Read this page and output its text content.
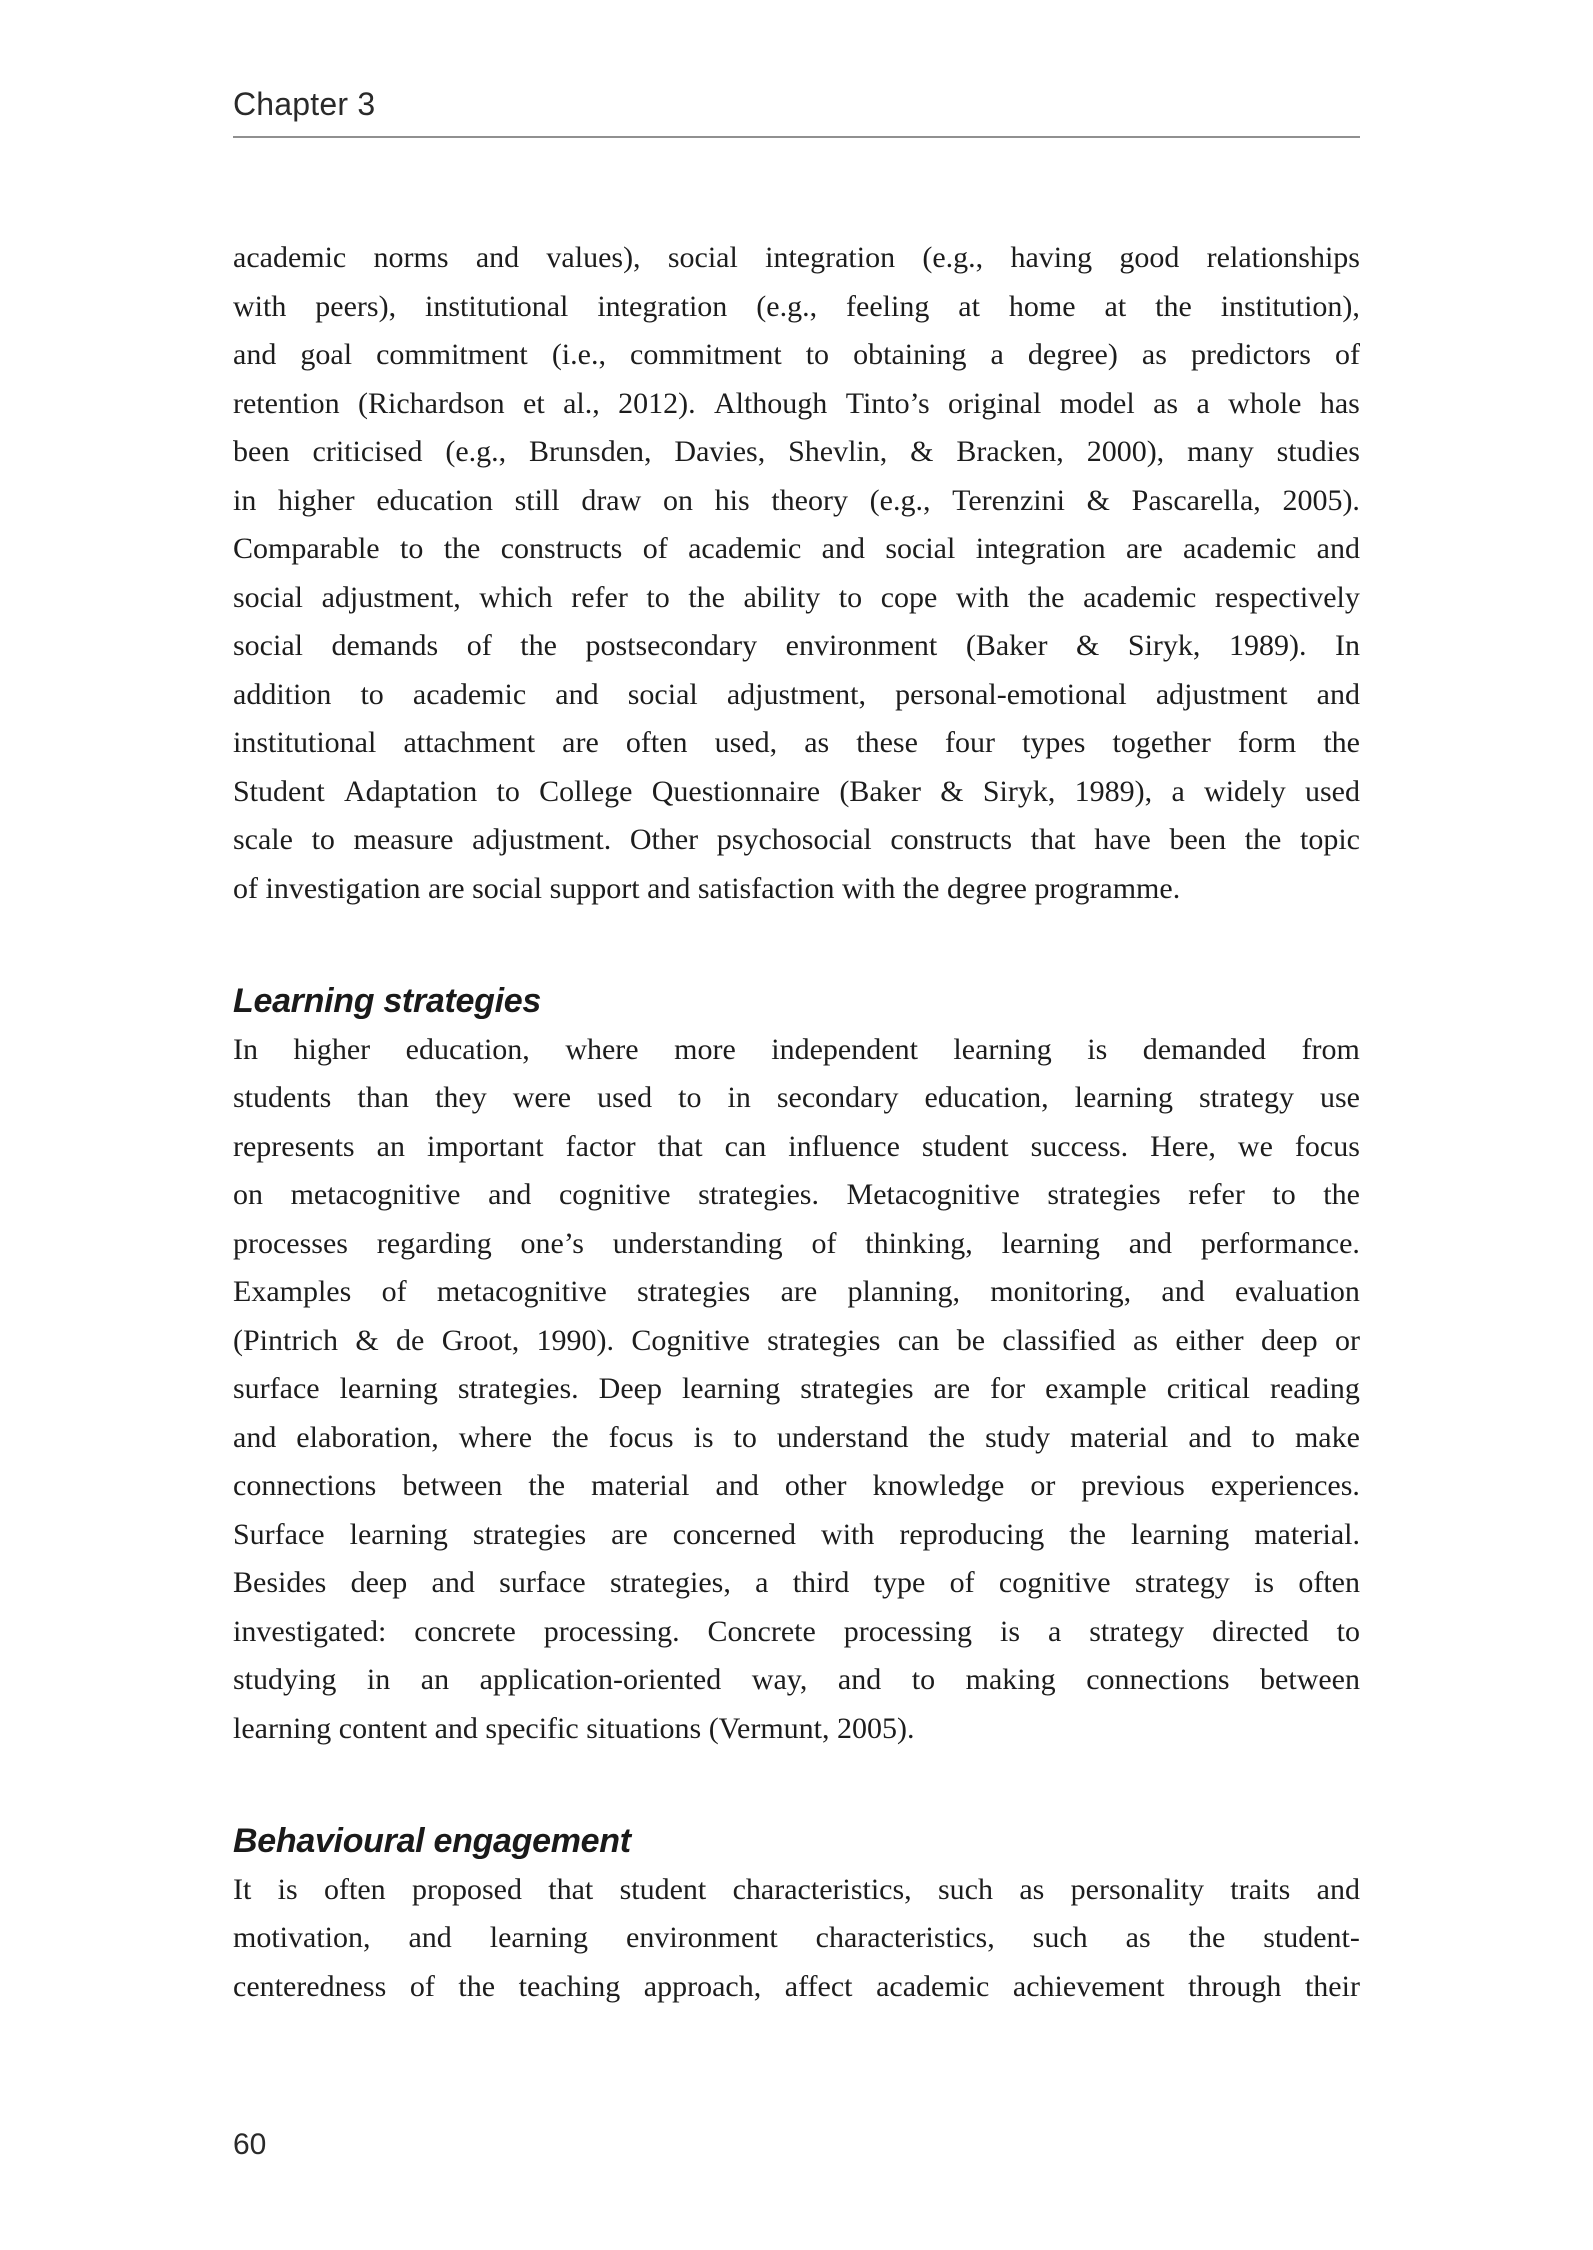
Chapter 3
academic norms and values), social integration (e.g., having good relationships
with peers), institutional integration (e.g., feeling at home at the institution),
and goal commitment (i.e., commitment to obtaining a degree) as predictors of
retention (Richardson et al., 2012). Although Tinto’s original model as a whole has
been criticised (e.g., Brunsden, Davies, Shevlin, & Bracken, 2000), many studies
in higher education still draw on his theory (e.g., Terenzini & Pascarella, 2005).
Comparable to the constructs of academic and social integration are academic and
social adjustment, which refer to the ability to cope with the academic respectively
social demands of the postsecondary environment (Baker & Siryk, 1989). In
addition to academic and social adjustment, personal-emotional adjustment and
institutional attachment are often used, as these four types together form the
Student Adaptation to College Questionnaire (Baker & Siryk, 1989), a widely used
scale to measure adjustment. Other psychosocial constructs that have been the topic
of investigation are social support and satisfaction with the degree programme.
Learning strategies
In higher education, where more independent learning is demanded from
students than they were used to in secondary education, learning strategy use
represents an important factor that can influence student success. Here, we focus
on metacognitive and cognitive strategies. Metacognitive strategies refer to the
processes regarding one’s understanding of thinking, learning and performance.
Examples of metacognitive strategies are planning, monitoring, and evaluation
(Pintrich & de Groot, 1990). Cognitive strategies can be classified as either deep or
surface learning strategies. Deep learning strategies are for example critical reading
and elaboration, where the focus is to understand the study material and to make
connections between the material and other knowledge or previous experiences.
Surface learning strategies are concerned with reproducing the learning material.
Besides deep and surface strategies, a third type of cognitive strategy is often
investigated: concrete processing. Concrete processing is a strategy directed to
studying in an application-oriented way, and to making connections between
learning content and specific situations (Vermunt, 2005).
Behavioural engagement
It is often proposed that student characteristics, such as personality traits and
motivation, and learning environment characteristics, such as the student-
centeredness of the teaching approach, affect academic achievement through their
60
